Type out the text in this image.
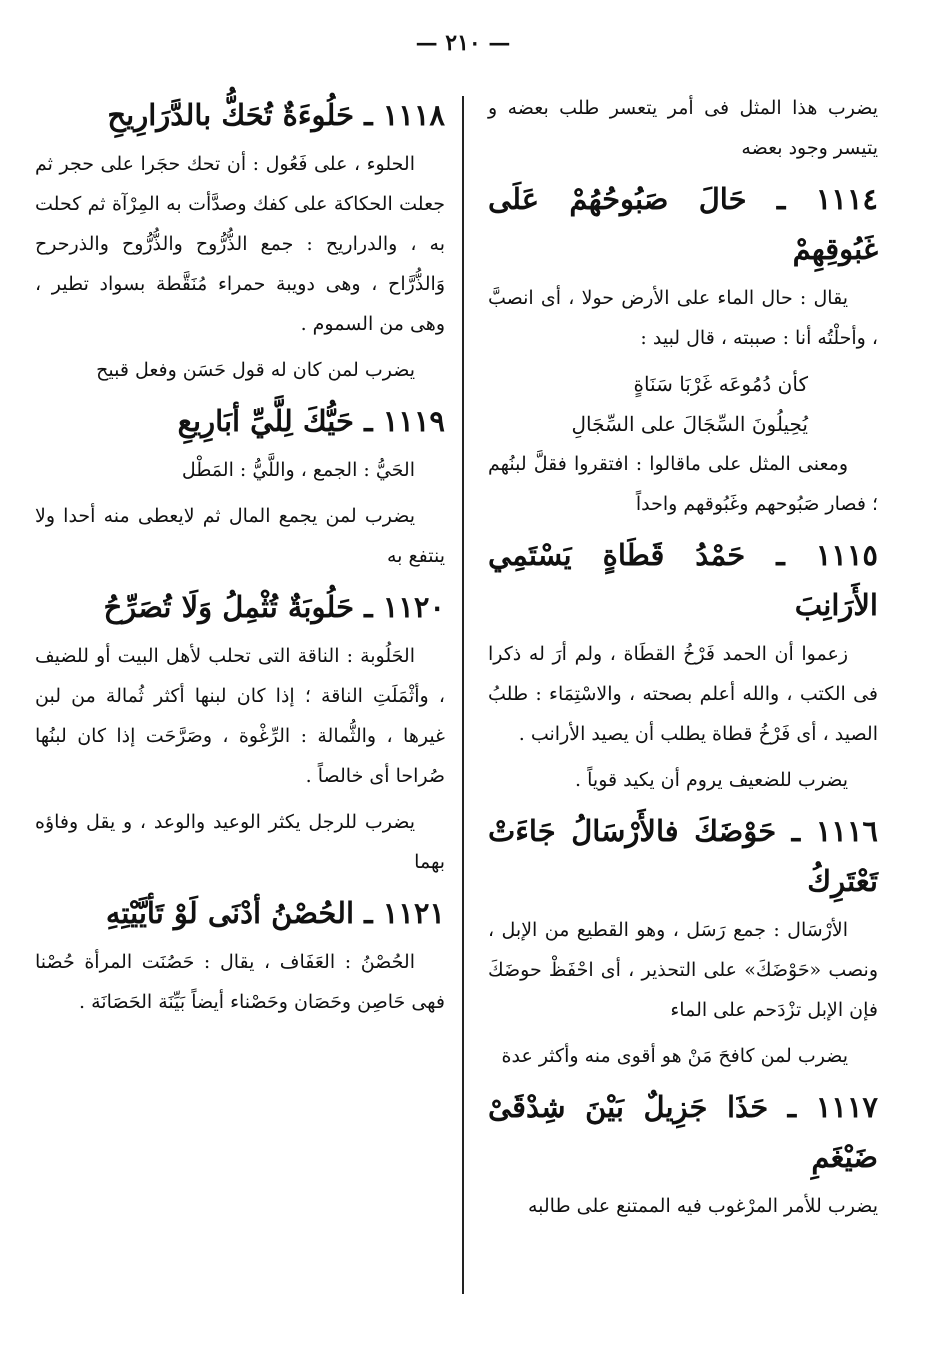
— ٢١٠ —

يضرب هذا المثل فى أمر يتعسر طلب بعضه و يتيسر وجود بعضه

١١١٤ ـ حَالَ صَبُوحُهُمْ عَلَى غَبُوقِهِمْ

يقال : حال الماء على الأرض حولا ، أى انصبَّ ، وأحلْتُه أنا : صببته ، قال لبيد :

كأن دُمُوعَه غَرْبَا سَنَاةٍ

يُحِيلُونَ السِّجَالَ على السِّجَالِ

ومعنى المثل على ماقالوا : افتقروا فقلَّ لبنُهم ؛ فصار صَبُوحهم وغَبُوقهم واحداً

١١١٥ ـ حَمْدُ قَطَاةٍ يَسْتَمِي الأَرَانِبَ

زعموا أن الحمد فَرْخُ القطَاة ، ولم أرَ له ذكرا فى الكتب ، والله أعلم بصحته ، والاسْتِمَاء : طلبُ الصيد ، أى فَرْخُ قطاة يطلب أن يصيد الأرانب .

يضرب للضعيف يروم أن يكيد قوياً .

١١١٦ ـ حَوْضَكَ فالأَرْسَالُ جَاءَتْ تَعْتَرِكُ

الأرْسَال : جمع رَسَل ، وهو القطيع من الإبل ، ونصب «حَوْضَكَ» على التحذير ، أى احْفَظْ حوضَكَ فإن الإبل تزْدَحم على الماء

يضرب لمن كافحَ مَنْ هو أقوى منه وأكثر عدة

١١١٧ ـ حَذَا جَزِيلٌ بَيْنَ شِدْقَىْ ضَيْغَمِ

يضرب للأمر المرْغوب فيه الممتنع على طالبه

١١١٨ ـ حَلُوءَةٌ تُحَكُّ بالدَّرَارِيحِ

الحلوء ، على فَعُول : أن تحك حجَرا على حجر ثم جعلت الحكاكة على كفك وصدَّأت به المِرْآة ثم كحلت به ، والدراريح : جمع الذُّرُّوح والذُّرُّوح والذرحرح وَالذُّرَّاح ، وهى دويبة حمراء مُنَقَّطة بسواد تطير ، وهى من السموم .

يضرب لمن كان له قول حَسَن وفعل قبيح

١١١٩ ـ حَيُّكَ لِلَّيِّ أبَارِيعِ

الحَيُّ : الجمع ، واللَّيُّ : المَطْل

يضرب لمن يجمع المال ثم لايعطى منه أحدا ولا ينتفع به

١١٢٠ ـ حَلُوبَةٌ تُثْمِلُ وَلَا تُصَرِّحُ

الحَلُوبة : الناقة التى تحلب لأهل البيت أو للضيف ، وأثْمَلَتِ الناقة ؛ إذا كان لبنها أكثر ثُمالة من لبن غيرها ، والثُّمالة : الرِّغْوة ، وصَرَّحَت إذا كان لبنُها صُراحا أى خالصاً .

يضرب للرجل يكثر الوعيد والوعد ، و يقل وفاؤه بهما

١١٢١ ـ الحُصْنُ أدْنَى لَوْ تَأيَّيْتِهِ

الحُصْنُ : العَفَاف ، يقال : حَصُنَت المرأة حُصْنا فهى حَاصِن وحَصَان وحَصْناء أيضاً بَيِّنَة الحَصَانَة .
